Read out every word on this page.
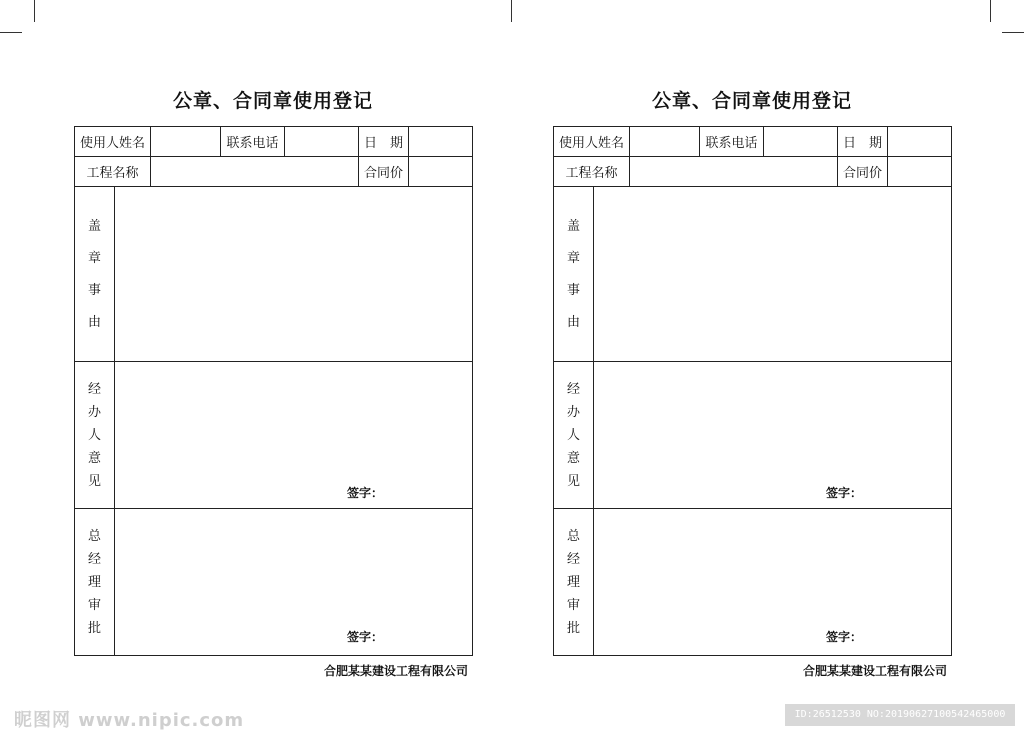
公章、合同章使用登记
使用人姓名			联系电话		日　期	
工程名称					合同价	

盖
章
事
由						

经
办
人
意
见	签字：					

总
经
理
审
批	签字：					
合肥某某建设工程有限公司
公章、合同章使用登记
使用人姓名			联系电话		日　期	
工程名称					合同价	

盖
章
事
由						

经
办
人
意
见	签字：					

总
经
理
审
批	签字：					
合肥某某建设工程有限公司
昵图网 www.nipic.com	ID:26512530 NO:20190627100542465000
